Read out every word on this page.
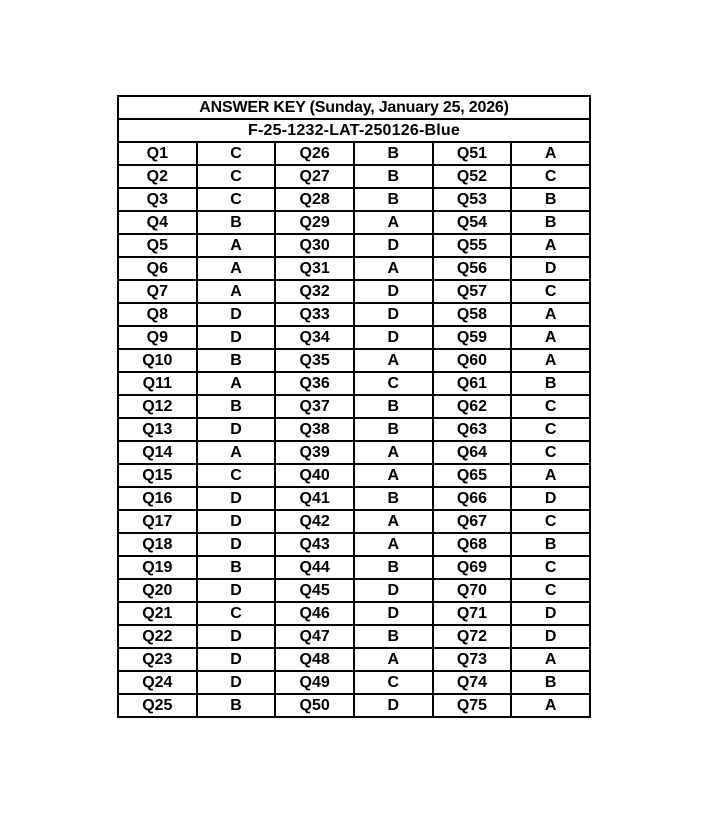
ANSWER KEY (Sunday, January 25, 2026)					
F-25-1232-LAT-250126-Blue					
Q1	C	Q26	B	Q51	A
Q2	C	Q27	B	Q52	C
Q3	C	Q28	B	Q53	B
Q4	B	Q29	A	Q54	B
Q5	A	Q30	D	Q55	A
Q6	A	Q31	A	Q56	D
Q7	A	Q32	D	Q57	C
Q8	D	Q33	D	Q58	A
Q9	D	Q34	D	Q59	A
Q10	B	Q35	A	Q60	A
Q11	A	Q36	C	Q61	B
Q12	B	Q37	B	Q62	C
Q13	D	Q38	B	Q63	C
Q14	A	Q39	A	Q64	C
Q15	C	Q40	A	Q65	A
Q16	D	Q41	B	Q66	D
Q17	D	Q42	A	Q67	C
Q18	D	Q43	A	Q68	B
Q19	B	Q44	B	Q69	C
Q20	D	Q45	D	Q70	C
Q21	C	Q46	D	Q71	D
Q22	D	Q47	B	Q72	D
Q23	D	Q48	A	Q73	A
Q24	D	Q49	C	Q74	B
Q25	B	Q50	D	Q75	A
